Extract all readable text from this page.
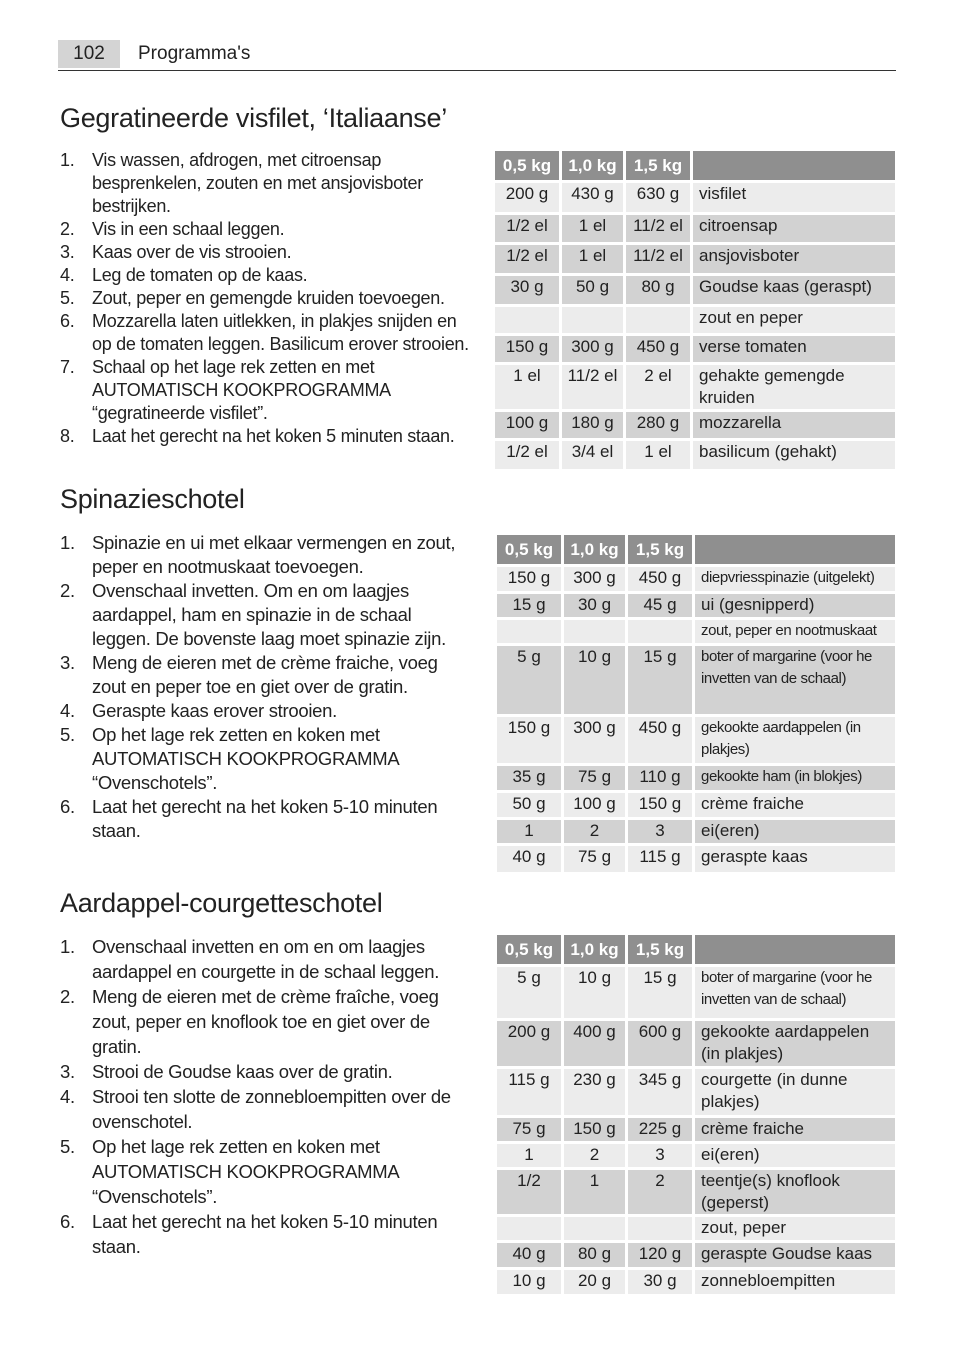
102	Programma's
Gegratineerde visfilet, ‘Italiaanse’
1. Vis wassen, afdrogen, met citroensap besprenkelen, zouten en met ansjovisboter bestrijken.
2. Vis in een schaal leggen.
3. Kaas over de vis strooien.
4. Leg de tomaten op de kaas.
5. Zout, peper en gemengde kruiden toevoegen.
6. Mozzarella laten uitlekken, in plakjes snijden en op de tomaten leggen. Basilicum erover strooien.
7. Schaal op het lage rek zetten en met AUTOMATISCH KOOKPROGRAMMA “gegratineerde visfilet”.
8. Laat het gerecht na het koken 5 minuten staan.
0,5 kg	1,0 kg	1,5 kg	
200 g	430 g	630 g	visfilet
1/2 el	1 el	11/2 el	citroensap
1/2 el	1 el	11/2 el	ansjovisboter
30 g	50 g	80 g	Goudse kaas (geraspt)
			zout en peper
150 g	300 g	450 g	verse tomaten
1 el	11/2 el	2 el	gehakte gemengde kruiden
100 g	180 g	280 g	mozzarella
1/2 el	3/4 el	1 el	basilicum (gehakt)
Spinazieschotel
1. Spinazie en ui met elkaar vermengen en zout, peper en nootmuskaat toevoegen.
2. Ovenschaal invetten. Om en om laagjes aardappel, ham en spinazie in de schaal leggen. De bovenste laag moet spinazie zijn.
3. Meng de eieren met de crème fraiche, voeg zout en peper toe en giet over de gratin.
4. Geraspte kaas erover strooien.
5. Op het lage rek zetten en koken met AUTOMATISCH KOOKPROGRAMMA “Ovenschotels”.
6. Laat het gerecht na het koken 5-10 minuten staan.
0,5 kg	1,0 kg	1,5 kg	
150 g	300 g	450 g	diepvriesspinazie (uitgelekt)
15 g	30 g	45 g	ui (gesnipperd)
			zout, peper en nootmuskaat
5 g	10 g	15 g	boter of margarine (voor he invetten van de schaal)
150 g	300 g	450 g	gekookte aardappelen (in plakjes)
35 g	75 g	110 g	gekookte ham (in blokjes)
50 g	100 g	150 g	crème fraiche
1	2	3	ei(eren)
40 g	75 g	115 g	geraspte kaas
Aardappel-courgetteschotel
1. Ovenschaal invetten en om en om laagjes aardappel en courgette in de schaal leggen.
2. Meng de eieren met de crème fraîche, voeg zout, peper en knoflook toe en giet over de gratin.
3. Strooi de Goudse kaas over de gratin.
4. Strooi ten slotte de zonnebloempitten over de ovenschotel.
5. Op het lage rek zetten en koken met AUTOMATISCH KOOKPROGRAMMA “Ovenschotels”.
6. Laat het gerecht na het koken 5-10 minuten staan.
0,5 kg	1,0 kg	1,5 kg	
5 g	10 g	15 g	boter of margarine (voor he invetten van de schaal)
200 g	400 g	600 g	gekookte aardappelen (in plakjes)
115 g	230 g	345 g	courgette (in dunne plakjes)
75 g	150 g	225 g	crème fraiche
1	2	3	ei(eren)
1/2	1	2	teentje(s) knoflook (geperst)
			zout, peper
40 g	80 g	120 g	geraspte Goudse kaas
10 g	20 g	30 g	zonnebloempitten
